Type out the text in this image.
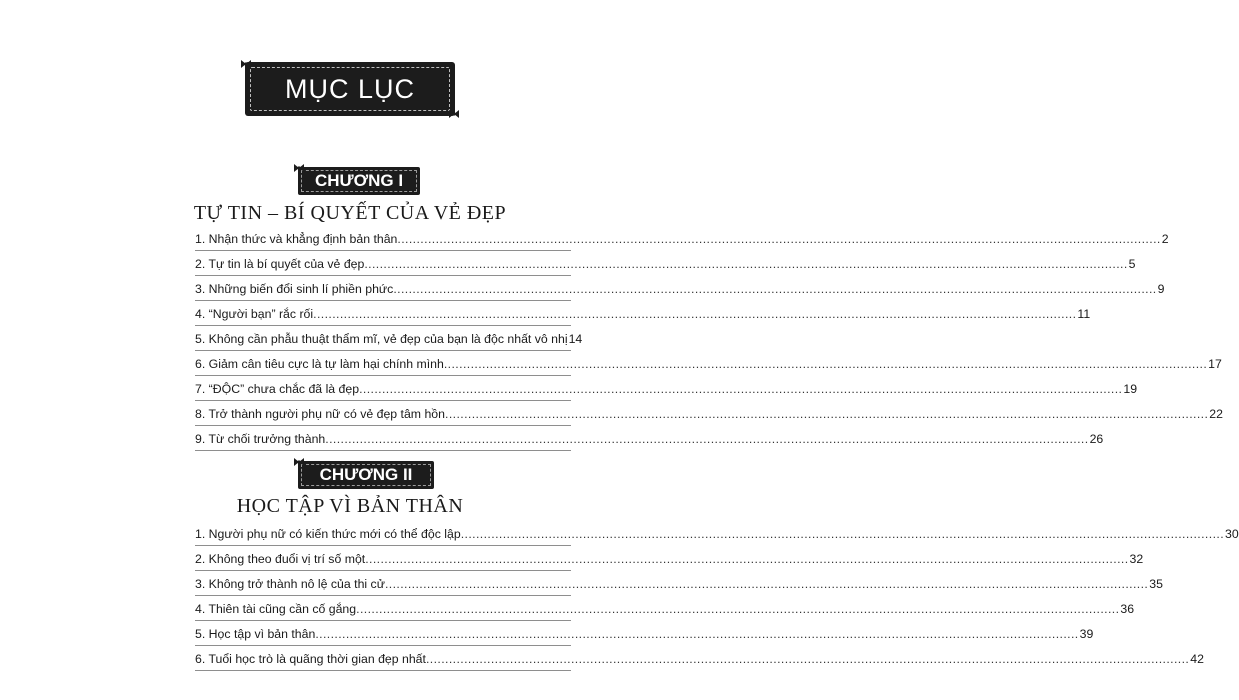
MỤC LỤC
CHƯƠNG I
TỰ TIN – BÍ QUYẾT CỦA VẺ ĐẸP
1. Nhận thức và khẳng định bản thân ........................................................................................................................................................................................................ 2
2. Tự tin là bí quyết của vẻ đẹp ........................................................................................................................................................................................................ 5
3. Những biến đổi sinh lí phiền phức ........................................................................................................................................................................................................ 9
4. “Người bạn” rắc rối ........................................................................................................................................................................................................ 11
5. Không cần phẫu thuật thẩm mĩ, vẻ đẹp của bạn là độc nhất vô nhị 14
6. Giảm cân tiêu cực là tự làm hại chính mình ........................................................................................................................................................................................................ 17
7. “ĐỘC” chưa chắc đã là đẹp ........................................................................................................................................................................................................ 19
8. Trở thành người phụ nữ có vẻ đẹp tâm hồn ........................................................................................................................................................................................................ 22
9. Từ chối trưởng thành ........................................................................................................................................................................................................ 26
CHƯƠNG II
HỌC TẬP VÌ BẢN THÂN
1. Người phụ nữ có kiến thức mới có thể độc lập ........................................................................................................................................................................................................ 30
2. Không theo đuổi vị trí số một ........................................................................................................................................................................................................ 32
3. Không trở thành nô lệ của thi cử ........................................................................................................................................................................................................ 35
4. Thiên tài cũng cần cố gắng ........................................................................................................................................................................................................ 36
5. Học tập vì bản thân ........................................................................................................................................................................................................ 39
6. Tuổi học trò là quãng thời gian đẹp nhất ........................................................................................................................................................................................................ 42
